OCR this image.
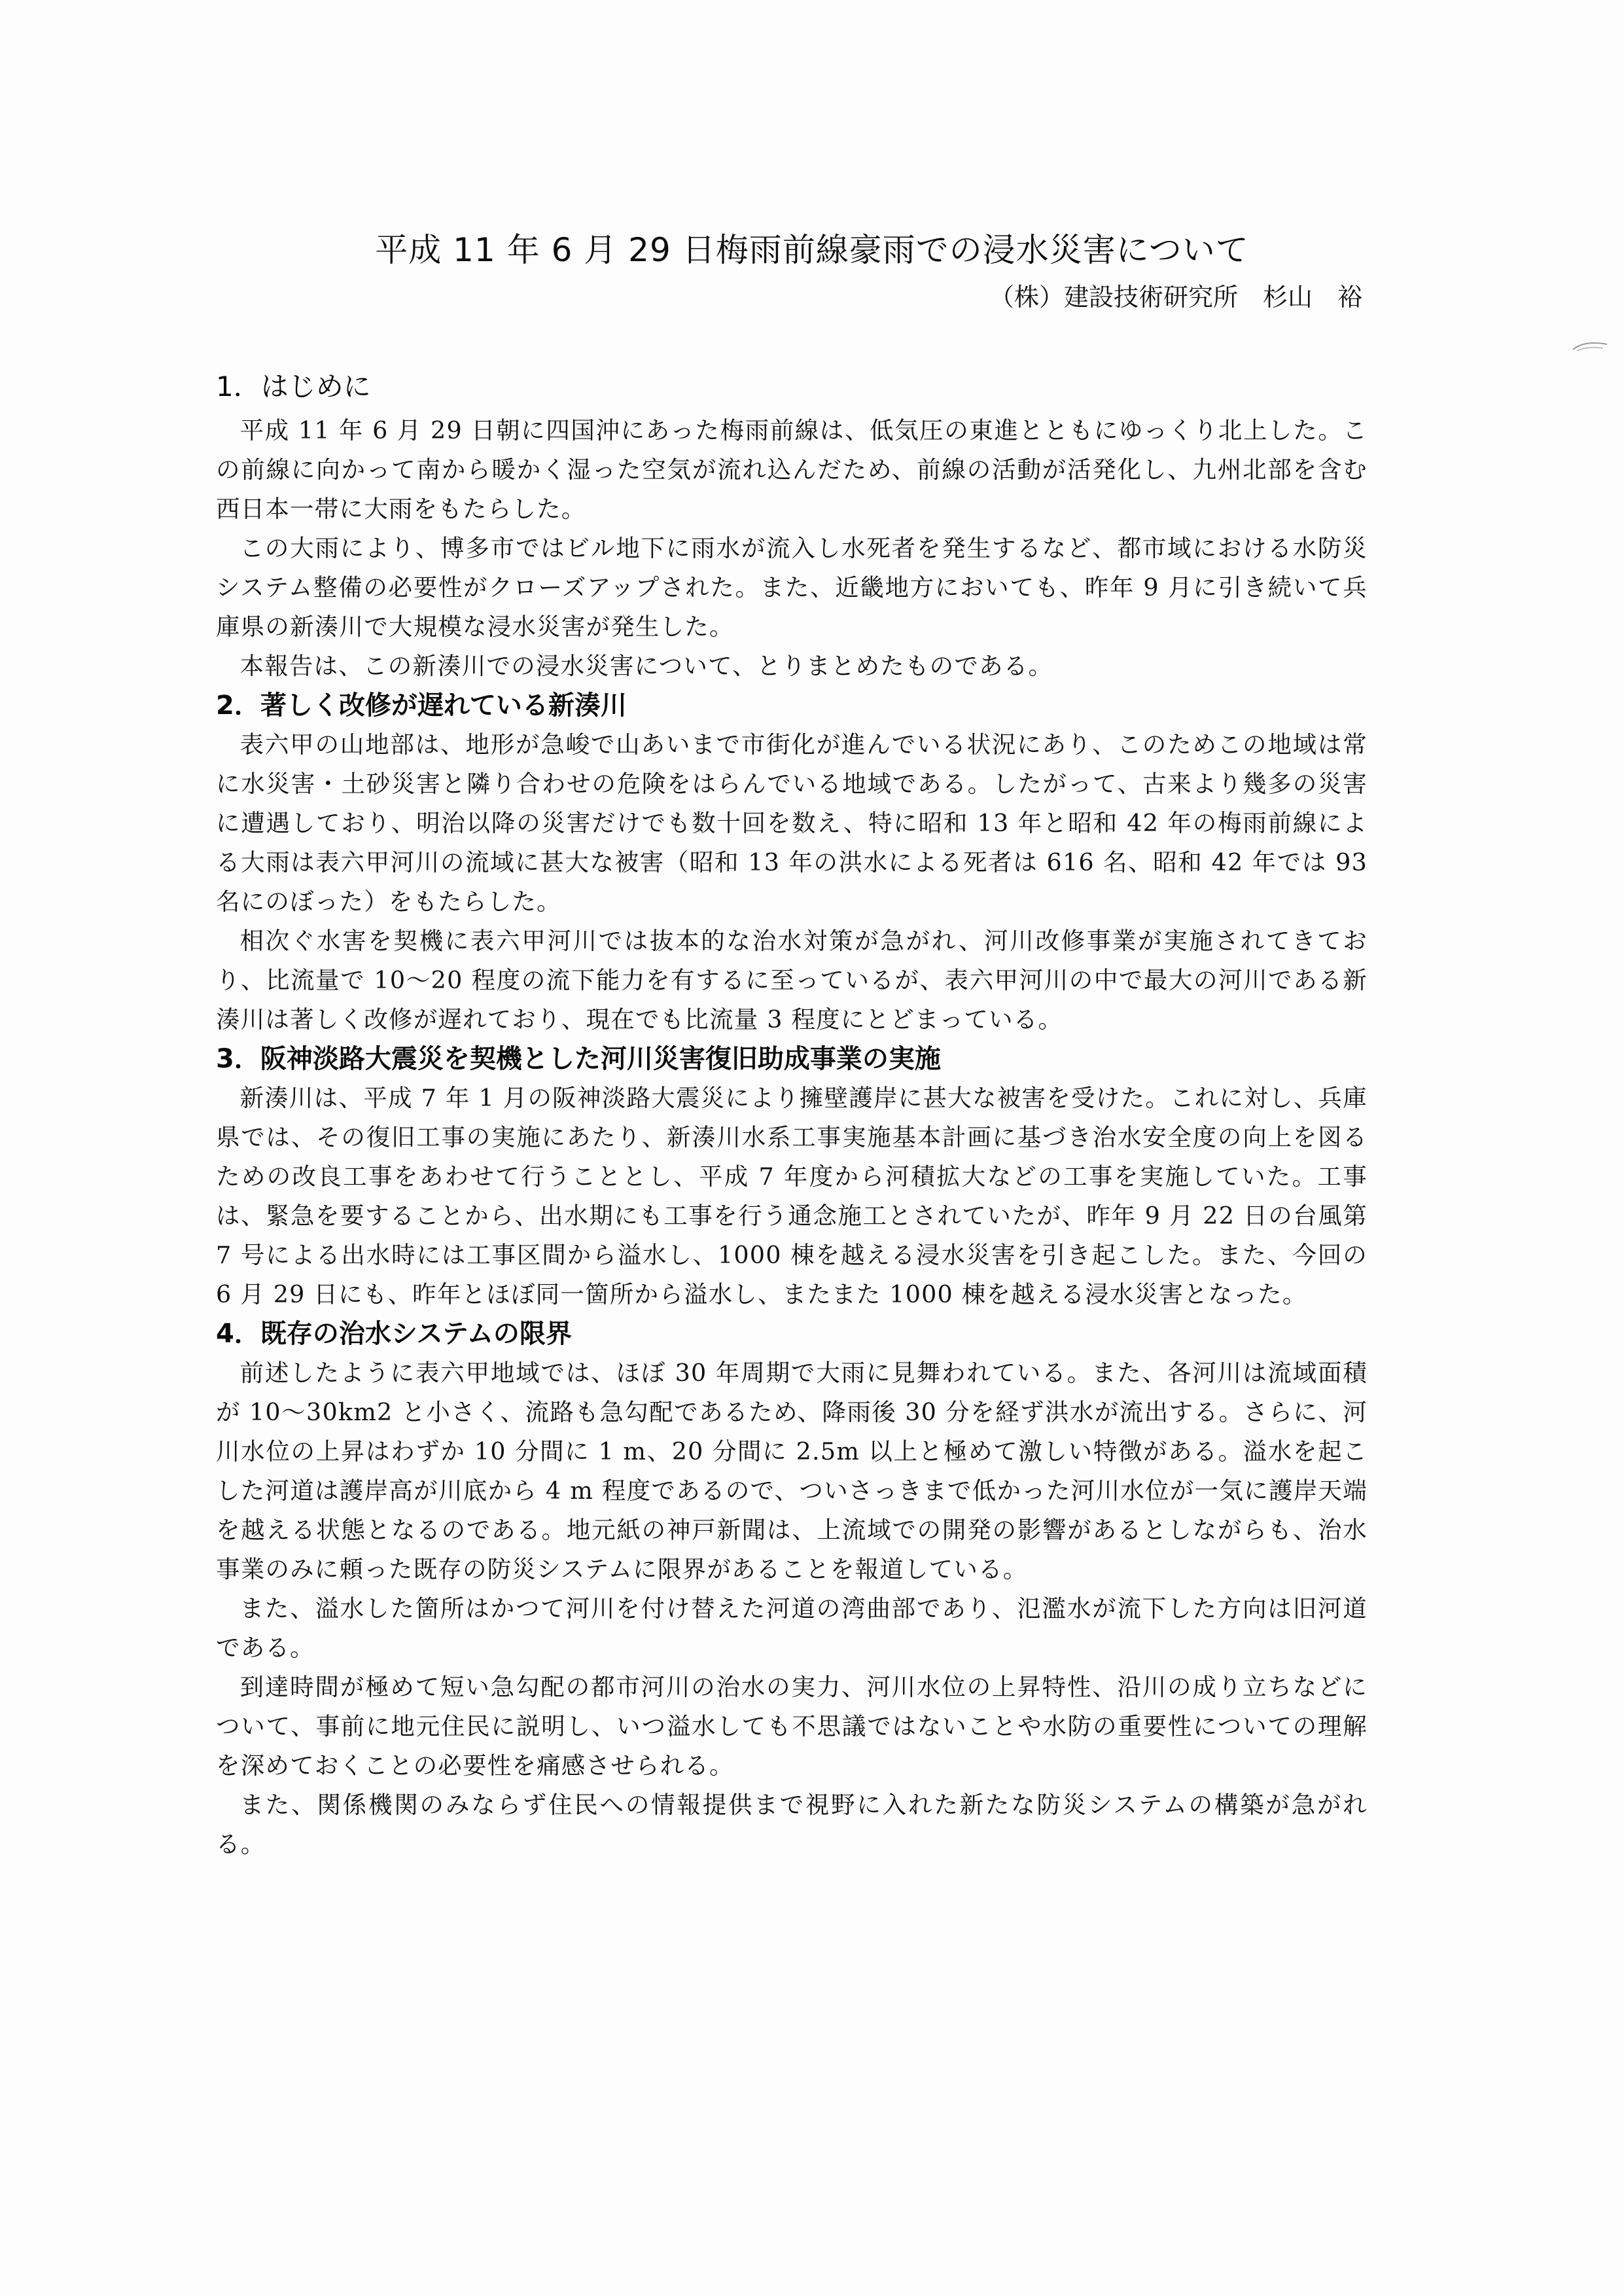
平成 11 年 6 月 29 日梅雨前線豪雨での浸水災害について
（株）建設技術研究所　杉山　裕
1．はじめに

平成 11 年 6 月 29 日朝に四国沖にあった梅雨前線は、低気圧の東進とともにゆっくり北上した。この前線に向かって南から暖かく湿った空気が流れ込んだため、前線の活動が活発化し、九州北部を含む西日本一帯に大雨をもたらした。

この大雨により、博多市ではビル地下に雨水が流入し水死者を発生するなど、都市域における水防災システム整備の必要性がクローズアップされた。また、近畿地方においても、昨年 9 月に引き続いて兵庫県の新湊川で大規模な浸水災害が発生した。

本報告は、この新湊川での浸水災害について、とりまとめたものである。

2．著しく改修が遅れている新湊川

表六甲の山地部は、地形が急峻で山あいまで市街化が進んでいる状況にあり、このためこの地域は常に水災害・土砂災害と隣り合わせの危険をはらんでいる地域である。したがって、古来より幾多の災害に遭遇しており、明治以降の災害だけでも数十回を数え、特に昭和 13 年と昭和 42 年の梅雨前線による大雨は表六甲河川の流域に甚大な被害（昭和 13 年の洪水による死者は 616 名、昭和 42 年では 93 名にのぼった）をもたらした。

相次ぐ水害を契機に表六甲河川では抜本的な治水対策が急がれ、河川改修事業が実施されてきており、比流量で 10～20 程度の流下能力を有するに至っているが、表六甲河川の中で最大の河川である新湊川は著しく改修が遅れており、現在でも比流量 3 程度にとどまっている。

3．阪神淡路大震災を契機とした河川災害復旧助成事業の実施

新湊川は、平成 7 年 1 月の阪神淡路大震災により擁壁護岸に甚大な被害を受けた。これに対し、兵庫県では、その復旧工事の実施にあたり、新湊川水系工事実施基本計画に基づき治水安全度の向上を図るための改良工事をあわせて行うこととし、平成 7 年度から河積拡大などの工事を実施していた。工事は、緊急を要することから、出水期にも工事を行う通念施工とされていたが、昨年 9 月 22 日の台風第 7 号による出水時には工事区間から溢水し、1000 棟を越える浸水災害を引き起こした。また、今回の 6 月 29 日にも、昨年とほぼ同一箇所から溢水し、またまた 1000 棟を越える浸水災害となった。

4．既存の治水システムの限界

前述したように表六甲地域では、ほぼ 30 年周期で大雨に見舞われている。また、各河川は流域面積が 10～30km2 と小さく、流路も急勾配であるため、降雨後 30 分を経ず洪水が流出する。さらに、河川水位の上昇はわずか 10 分間に 1 m、20 分間に 2.5m 以上と極めて激しい特徴がある。溢水を起こした河道は護岸高が川底から 4 m 程度であるので、ついさっきまで低かった河川水位が一気に護岸天端を越える状態となるのである。地元紙の神戸新聞は、上流域での開発の影響があるとしながらも、治水事業のみに頼った既存の防災システムに限界があることを報道している。

また、溢水した箇所はかつて河川を付け替えた河道の湾曲部であり、氾濫水が流下した方向は旧河道である。

到達時間が極めて短い急勾配の都市河川の治水の実力、河川水位の上昇特性、沿川の成り立ちなどについて、事前に地元住民に説明し、いつ溢水しても不思議ではないことや水防の重要性についての理解を深めておくことの必要性を痛感させられる。

また、関係機関のみならず住民への情報提供まで視野に入れた新たな防災システムの構築が急がれる。
